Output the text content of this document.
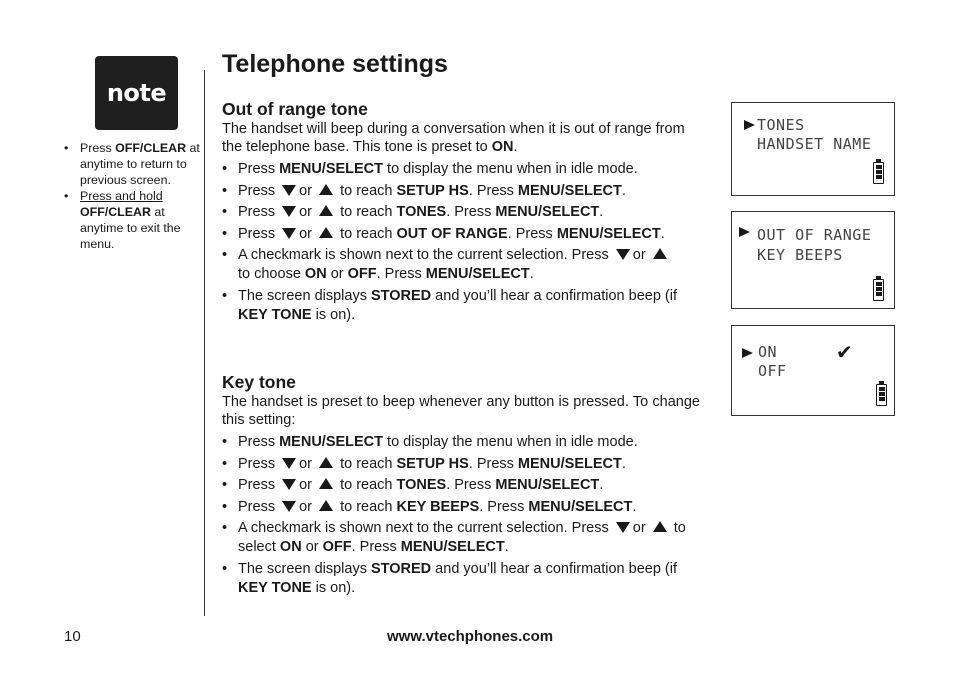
note
• Press OFF/CLEAR at anytime to return to previous screen.
• Press and hold
OFF/CLEAR at anytime to exit the menu.
Telephone settings
Out of range tone

The handset will beep during a conversation when it is out of range from the telephone base. This tone is preset to ON.

• Press MENU/SELECT to display the menu when in idle mode.
• Press or to reach SETUP HS. Press MENU/SELECT.
• Press or to reach TONES. Press MENU/SELECT.
• Press or to reach OUT OF RANGE. Press MENU/SELECT.
• A checkmark is shown next to the current selection. Press or
to choose ON or OFF. Press MENU/SELECT.
• The screen displays STORED and you’ll hear a confirmation beep (if KEY TONE is on).
Key tone

The handset is preset to beep whenever any button is pressed. To change this setting:

• Press MENU/SELECT to display the menu when in idle mode.
• Press or to reach SETUP HS. Press MENU/SELECT.
• Press or to reach TONES. Press MENU/SELECT.
• Press or to reach KEY BEEPS. Press MENU/SELECT.
• A checkmark is shown next to the current selection. Press or to select ON or OFF. Press MENU/SELECT.
• The screen displays STORED and you’ll hear a confirmation beep (if KEY TONE is on).
TONES
HANDSET NAME
OUT OF RANGE
KEY BEEPS
ON
OFF
✔
10	www.vtechphones.com
